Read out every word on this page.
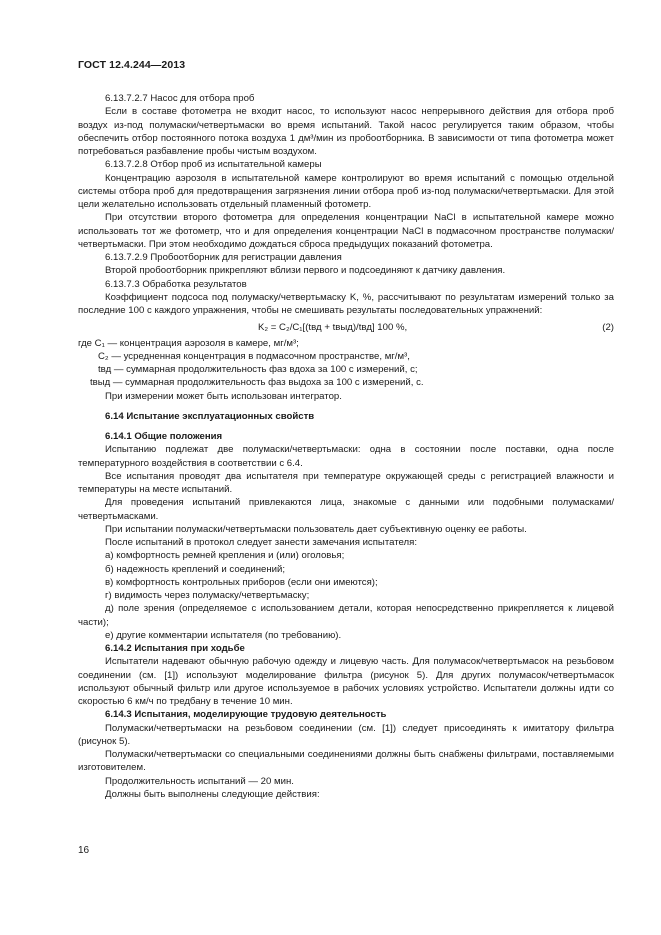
ГОСТ 12.4.244—2013

6.13.7.2.7 Насос для отбора проб

Если в составе фотометра не входит насос, то используют насос непрерывного действия для отбора проб воздух из-под полумаски/четвертьмаски во время испытаний. Такой насос регулируется таким образом, чтобы обеспечить отбор постоянного потока воздуха 1 дм³/мин из пробоотборника. В зависимости от типа фотометра может потребоваться разбавление пробы чистым воздухом.

6.13.7.2.8 Отбор проб из испытательной камеры

Концентрацию аэрозоля в испытательной камере контролируют во время испытаний с помощью отдельной системы отбора проб для предотвращения загрязнения линии отбора проб из-под полумаски/четвертьмаски. Для этой цели желательно использовать отдельный пламенный фотометр.

При отсутствии второго фотометра для определения концентрации NaCl в испытательной камере можно использовать тот же фотометр, что и для определения концентрации NaCl в подмасочном пространстве полумаски/четвертьмаски. При этом необходимо дождаться сброса предыдущих показаний фотометра.

6.13.7.2.9 Пробоотборник для регистрации давления

Второй пробоотборник прикрепляют вблизи первого и подсоединяют к датчику давления.

6.13.7.3 Обработка результатов

Коэффициент подсоса под полумаску/четвертьмаску K, %, рассчитывают по результатам измерений только за последние 100 с каждого упражнения, чтобы не смешивать результаты последовательных упражнений:

K₂ = C₂/C₁[(tвд + tвыд)/tвд] 100 %,	(2)
где C₁ — концентрация аэрозоля в камере, мг/м³;
C₂ — усредненная концентрация в подмасочном пространстве, мг/м³,
tвд — суммарная продолжительность фаз вдоха за 100 с измерений, с;
tвыд — суммарная продолжительность фаз выдоха за 100 с измерений, с.

При измерении может быть использован интегратор.

6.14 Испытание эксплуатационных свойств

6.14.1 Общие положения

Испытанию подлежат две полумаски/четвертьмаски: одна в состоянии после поставки, одна после температурного воздействия в соответствии с 6.4.

Все испытания проводят два испытателя при температуре окружающей среды с регистрацией влажности и температуры на месте испытаний.

Для проведения испытаний привлекаются лица, знакомые с данными или подобными полумасками/четвертьмасками.

При испытании полумаски/четвертьмаски пользователь дает субъективную оценку ее работы.

После испытаний в протокол следует занести замечания испытателя:

а) комфортность ремней крепления и (или) оголовья;

б) надежность креплений и соединений;

в) комфортность контрольных приборов (если они имеются);

г) видимость через полумаску/четвертьмаску;

д) поле зрения (определяемое с использованием детали, которая непосредственно прикрепляется к лицевой части);

е) другие комментарии испытателя (по требованию).

6.14.2 Испытания при ходьбе

Испытатели надевают обычную рабочую одежду и лицевую часть. Для полумасок/четвертьмасок на резьбовом соединении (см. [1]) используют моделирование фильтра (рисунок 5). Для других полумасок/четвертьмасок используют обычный фильтр или другое используемое в рабочих условиях устройство. Испытатели должны идти со скоростью 6 км/ч по тредбану в течение 10 мин.

6.14.3 Испытания, моделирующие трудовую деятельность

Полумаски/четвертьмаски на резьбовом соединении (см. [1]) следует присоединять к имитатору фильтра (рисунок 5).

Полумаски/четвертьмаски со специальными соединениями должны быть снабжены фильтрами, поставляемыми изготовителем.

Продолжительность испытаний — 20 мин.

Должны быть выполнены следующие действия:

16
